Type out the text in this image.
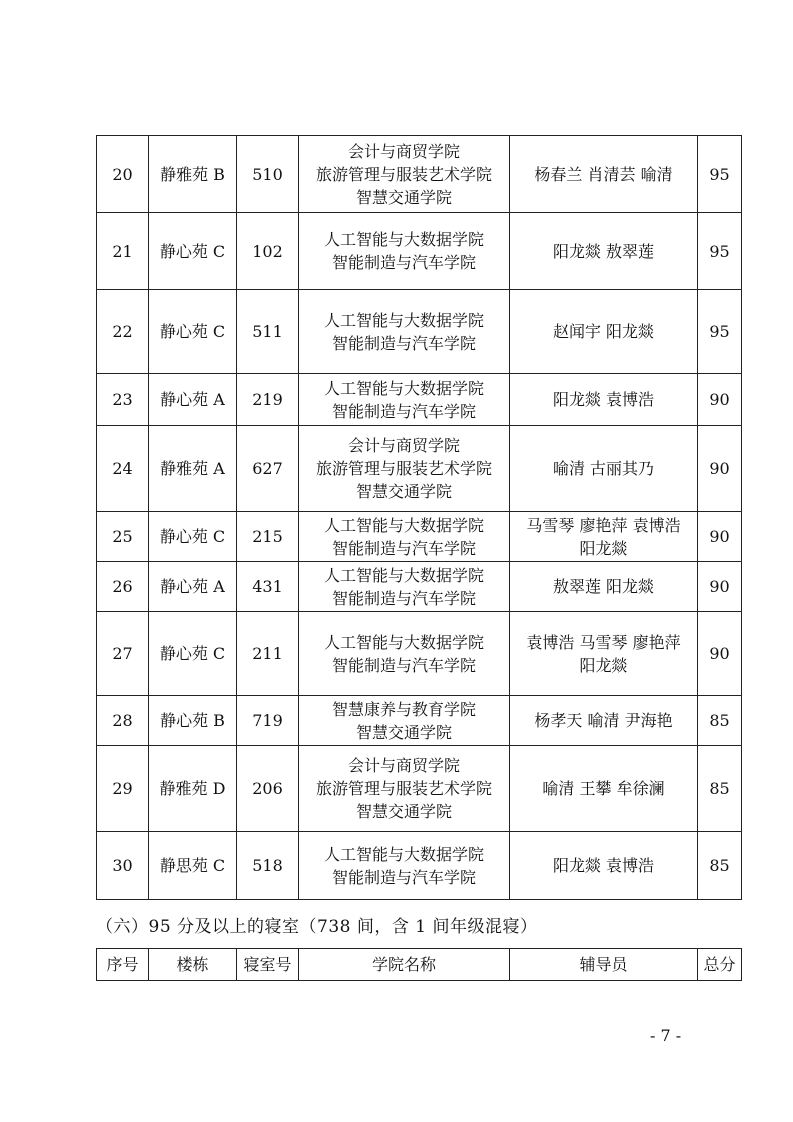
20	静雅苑 B	510	会计与商贸学院
旅游管理与服装艺术学院
智慧交通学院	杨春兰 肖清芸 喻清	95

21	静心苑 C	102	人工智能与大数据学院
智能制造与汽车学院	阳龙燚 敖翠莲	95

22	静心苑 C	511	人工智能与大数据学院
智能制造与汽车学院	赵闻宇 阳龙燚	95

23	静心苑 A	219	人工智能与大数据学院
智能制造与汽车学院	阳龙燚 袁博浩	90

24	静雅苑 A	627	会计与商贸学院
旅游管理与服装艺术学院
智慧交通学院	喻清 古丽其乃	90

25	静心苑 C	215	人工智能与大数据学院
智能制造与汽车学院	马雪琴 廖艳萍 袁博浩
阳龙燚	90

26	静心苑 A	431	人工智能与大数据学院
智能制造与汽车学院	敖翠莲 阳龙燚	90

27	静心苑 C	211	人工智能与大数据学院
智能制造与汽车学院	袁博浩 马雪琴 廖艳萍
阳龙燚	90

28	静心苑 B	719	智慧康养与教育学院
智慧交通学院	杨孝天 喻清 尹海艳	85

29	静雅苑 D	206	会计与商贸学院
旅游管理与服装艺术学院
智慧交通学院	喻清 王攀 牟徐澜	85

30	静思苑 C	518	人工智能与大数据学院
智能制造与汽车学院	阳龙燚 袁博浩	85
（六）95 分及以上的寝室（738 间，含 1 间年级混寝）
序号	楼栋	寝室号	学院名称	辅导员	总分
- 7 -
